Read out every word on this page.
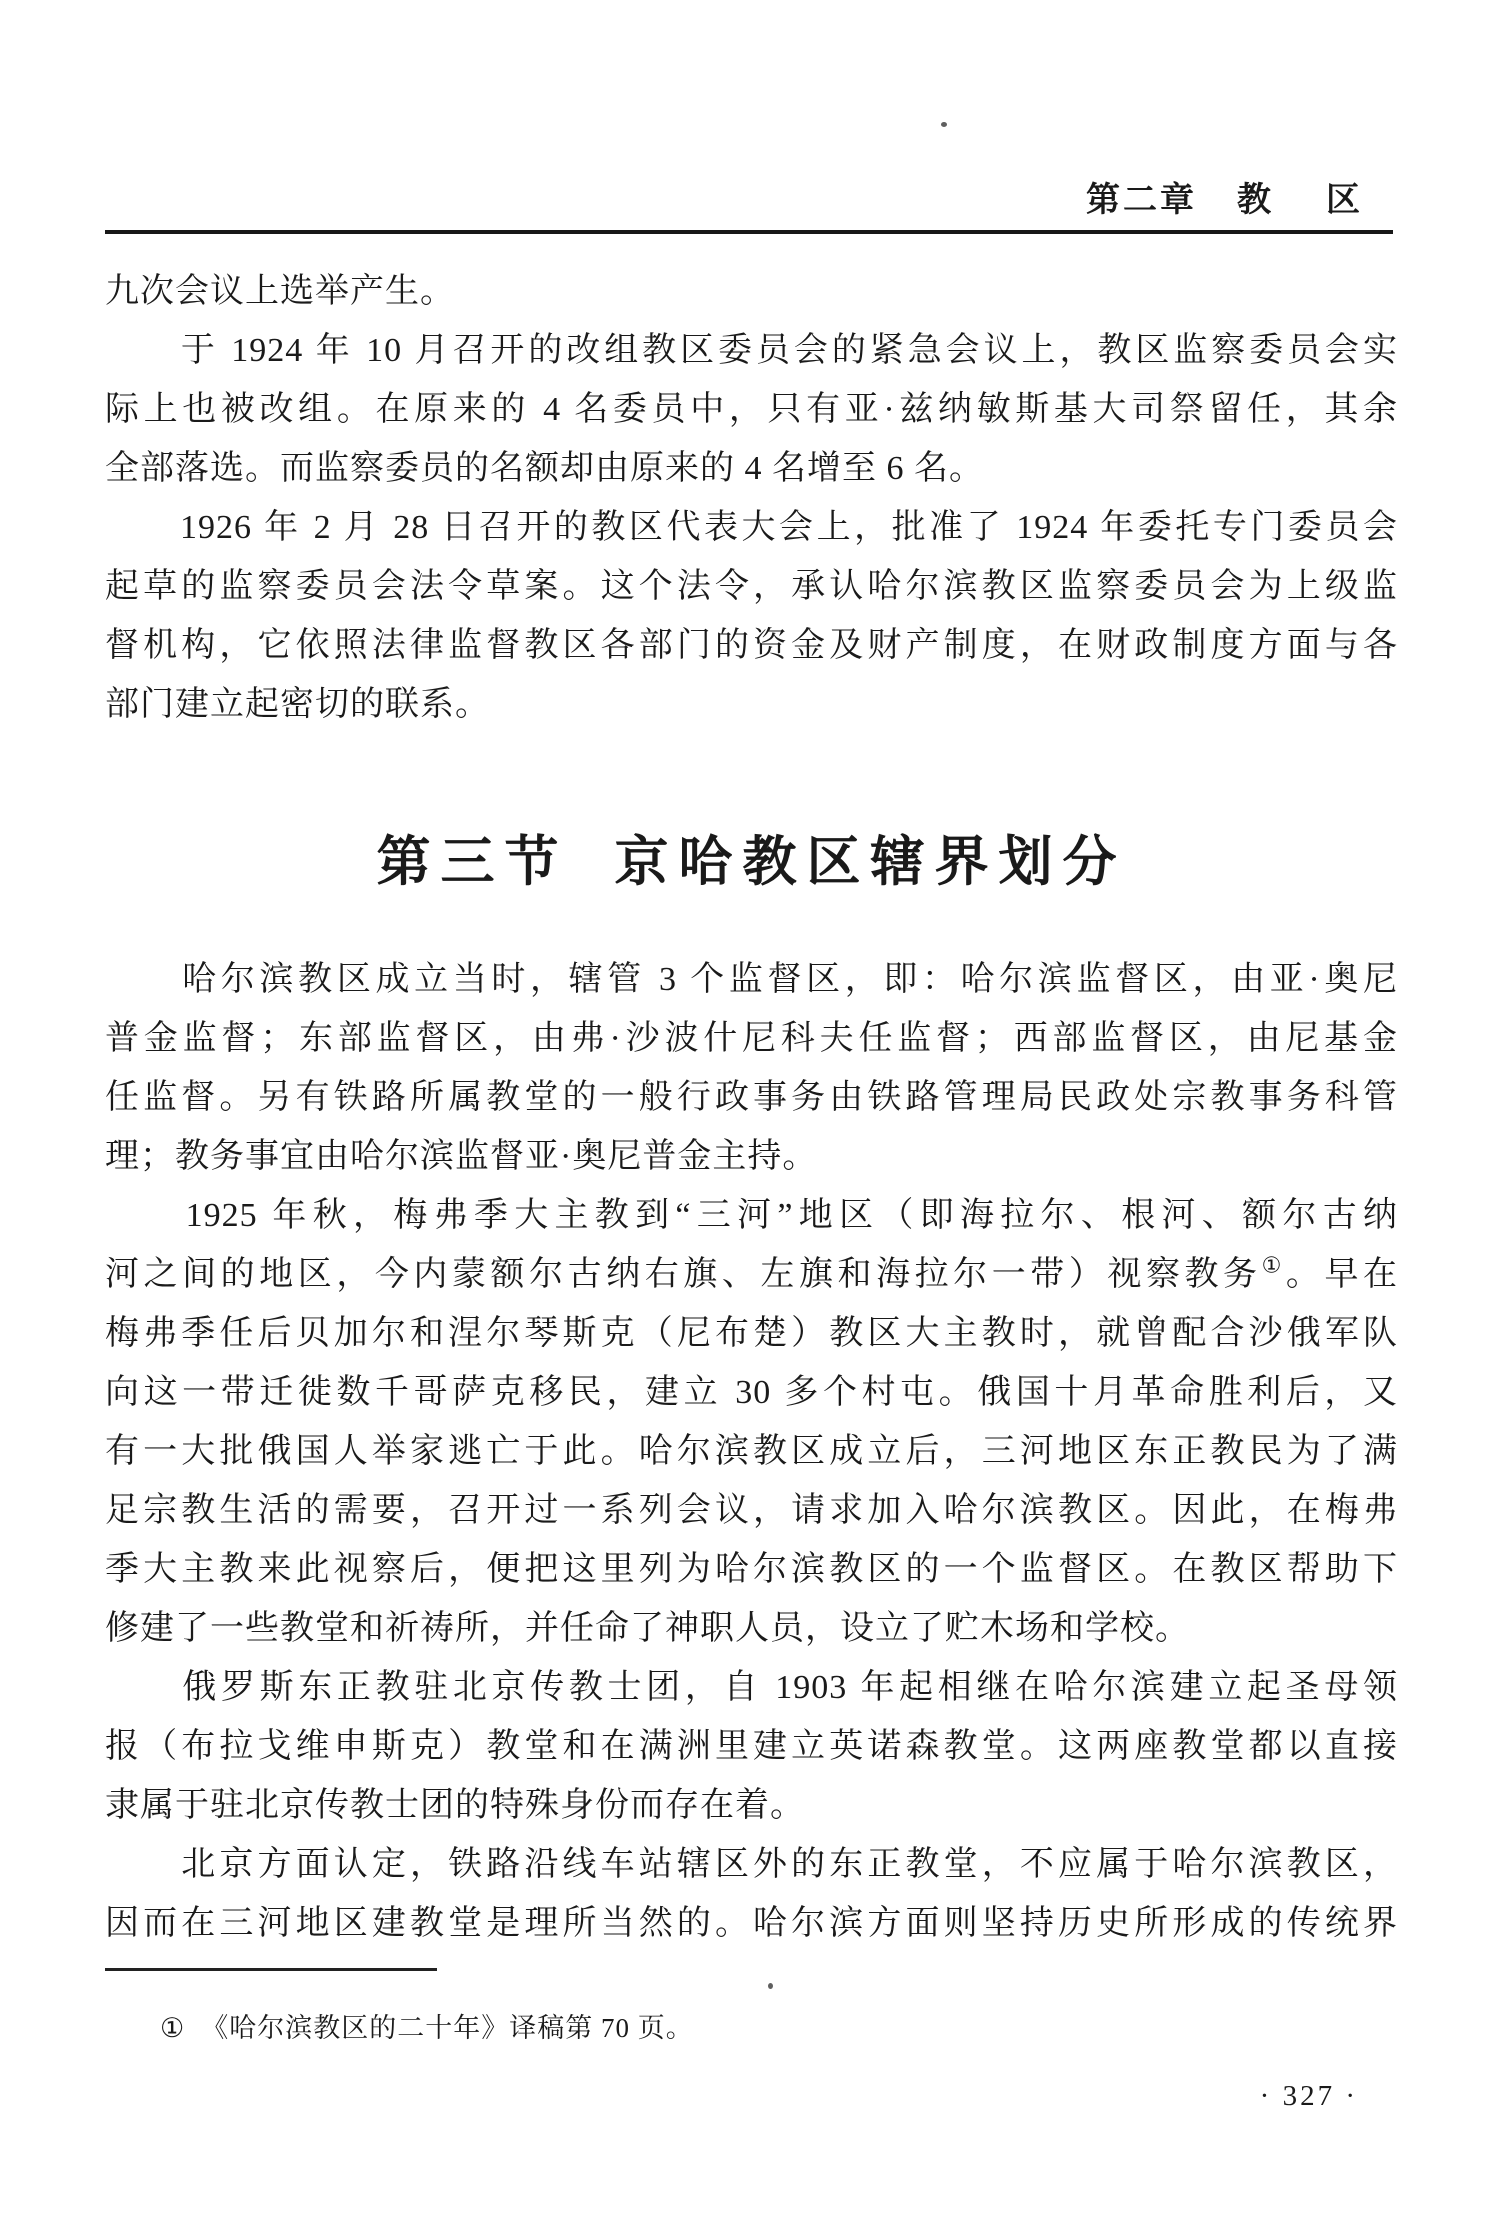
第二章 教 区
九次会议上选举产生。
　　于 1924 年 10 月召开的改组教区委员会的紧急会议上，教区监察委员会实
际上也被改组。在原来的 4 名委员中，只有亚·兹纳敏斯基大司祭留任，其余
全部落选。而监察委员的名额却由原来的 4 名增至 6 名。
　　1926 年 2 月 28 日召开的教区代表大会上，批准了 1924 年委托专门委员会
起草的监察委员会法令草案。这个法令，承认哈尔滨教区监察委员会为上级监
督机构，它依照法律监督教区各部门的资金及财产制度，在财政制度方面与各
部门建立起密切的联系。
第三节 京哈教区辖界划分
　　哈尔滨教区成立当时，辖管 3 个监督区，即：哈尔滨监督区，由亚·奥尼
普金监督；东部监督区，由弗·沙波什尼科夫任监督；西部监督区，由尼基金
任监督。另有铁路所属教堂的一般行政事务由铁路管理局民政处宗教事务科管
理；教务事宜由哈尔滨监督亚·奥尼普金主持。
　　1925 年秋，梅弗季大主教到“三河”地区（即海拉尔、根河、额尔古纳
河之间的地区，今内蒙额尔古纳右旗、左旗和海拉尔一带）视察教务①。早在
梅弗季任后贝加尔和涅尔琴斯克（尼布楚）教区大主教时，就曾配合沙俄军队
向这一带迁徙数千哥萨克移民，建立 30 多个村屯。俄国十月革命胜利后，又
有一大批俄国人举家逃亡于此。哈尔滨教区成立后，三河地区东正教民为了满
足宗教生活的需要，召开过一系列会议，请求加入哈尔滨教区。因此，在梅弗
季大主教来此视察后，便把这里列为哈尔滨教区的一个监督区。在教区帮助下
修建了一些教堂和祈祷所，并任命了神职人员，设立了贮木场和学校。
　　俄罗斯东正教驻北京传教士团，自 1903 年起相继在哈尔滨建立起圣母领
报（布拉戈维申斯克）教堂和在满洲里建立英诺森教堂。这两座教堂都以直接
隶属于驻北京传教士团的特殊身份而存在着。
　　北京方面认定，铁路沿线车站辖区外的东正教堂，不应属于哈尔滨教区，
因而在三河地区建教堂是理所当然的。哈尔滨方面则坚持历史所形成的传统界
① 《哈尔滨教区的二十年》译稿第 70 页。
· 327 ·
